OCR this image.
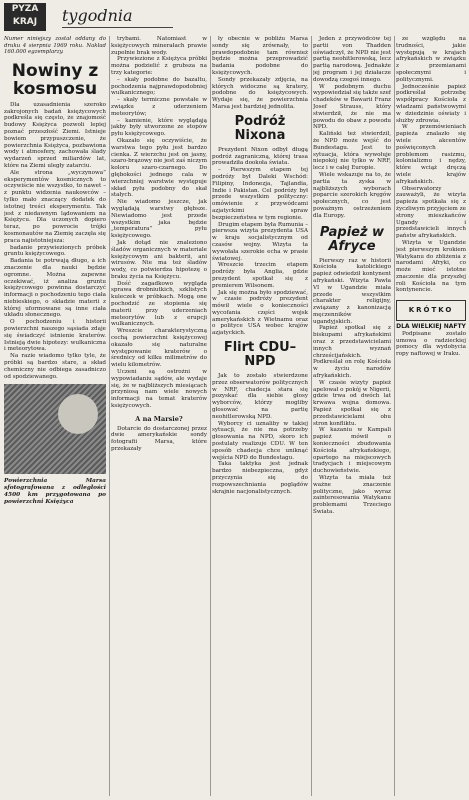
PYZA
KRAJ	tygodnia

Numer niniejszy został oddany do druku 4 sierpnia 1969 roku. Nakład 160.000 egzemplarzy.

Nowiny z kosmosu

Dla uzasadnienia szeroko zakrojonych badań księżycowych podkreśla się często, że znajomość budowy Księżyca pozwoli lepiej poznać przeszłość Ziemi. Istnieje bowiem przypuszczenie, że powierzchnia Księżyca, pozbawiona wody i atmosfery, zachowała ślady wydarzeń sprzed miliardów lat, które na Ziemi uległy zatarciu.

Ale strona „wyczynowa” eksperymentów kosmicznych to oczywiście nie wszystko, to nawet – z punktu widzenia naukowców – tylko mało znaczący dodatek do istotnej treści eksperymentu. Tak jest z niedawnym lądowaniem na Księżycu. Dla uczonych dopiero teraz, po powrocie trójki kosmonautów na Ziemię zaczęła się praca najistotniejsza:

badanie przywiezionych próbek gruntu księżycowego.

Badania te potrwają długo, a ich znaczenie dla nauki będzie ogromne. Można zapewne oczekiwać, iż analiza gruntu księżycowego powinna dostarczyć informacji o pochodzeniu tego ciała niebieskiego, o składzie materii z której uformowane są inne ciała układu słonecznego.

O pochodzeniu i historii powierzchni naszego sąsiada zdaje się świadczyć istnienie kraterów. Istnieją dwie hipotezy: wulkaniczna i meteorytowa.

Na razie wiadomo tylko tyle, że próbki są bardzo stare, a skład chemiczny nie odbiega zasadniczo od spodziewanego.

Powierzchnia Marsa sfotografowana z odległości 4500 km przygotowana po powierzchni Księżyca

trybami. Natomiast w księżycowych minerałach prawie zupełnie brak wody.

Przywiezione z Księżyca próbki można podzielić z grubsza na trzy kategorie:

– skały podobne do bazaltu, pochodzenia najprawdopodobniej wulkanicznego;

– skały termiczne powstałe w związku z uderzeniem meteorytów;

– kamienie, które wyglądają jakby były utworzone ze stopów pyłu księżycowego.

Okazało się oczywiście, że warstwa tego pyłu jest bardzo cienka. Z wierzchu jest on jasny, szaro-brązowy nie jest zaś niczym koloru szaro-czarnego. Do głębokości jednego cala w wierzchniej warstwie występuje skład pyłu podobny do skał stałych.

Nie wiadomo jeszcze, jak wyglądają warstwy głębsze. Niewiadomo jest przede wszystkim jaka będzie „temperatura” pyłu księżycowego.

Jak dotąd nie znaleziono śladów organicznych w materiale księżycowym ani bakterii, ani wirusów. Nie ma też śladów wody, co potwierdza hipotezę o braku życia na Księżycu.

Dość zagadkowo wygląda sprawa drobniutkich, szklistych kuleczek w próbkach. Mogą one pochodzić ze stopienia się materii przy uderzeniach meteorytów lub z erupcji wulkanicznych.

Wreszcie charakterystyczną cechą powierzchni księżycowej okazało się naturalne występowanie kraterów o średnicy od kilku milimetrów do wielu kilometrów.

Uczeni są ostrożni w wypowiadaniu sądów, ale wydaje się, że w najbliższych miesiącach przyniosą nam wiele nowych informacji na temat kraterów księżycowych.

A na Marsie?

Dotarcie do dostarczonej przez dwie amerykańskie sondy fotografii Marsa, które przekazały

ły obecnie w pobliżu Marsa sondy się zrównały, to prawdopodobnie tam również będzie można przeprowadzić badania podobne do księżycowych.

Sondy przekazały zdjęcia, na których widoczne są kratery, podobne do księżycowych. Wydaje się, że powierzchnia Marsa jest bardziej jednolita.

Podróż Nixona

Prezydent Nixon odbył długą podróż zagraniczną, której trasa prowadziła dookoła świata.

– Pierwszym etapem tej podróży był Daleki Wschód: Filipiny, Indonezja, Tajlandia, Indie i Pakistan. Cel podróży był przede wszystkim polityczny: omówienie z przywódcami azjatyckimi spraw bezpieczeństwa w tym regionie.

Drugim etapem była Rumunia – pierwsza wizyta prezydenta USA w kraju socjalistycznym od czasów wojny. Wizyta ta wywołała szerokie echa w prasie światowej.

Wreszcie trzecim etapem podróży była Anglia, gdzie prezydent spotkał się z premierem Wilsonem.

Jak się można było spodziewać, w czasie podróży prezydent mówił wiele o konieczności wycofania części wojsk amerykańskich z Wietnamu oraz o polityce USA wobec krajów azjatyckich.

Flirt CDU–NPD

Jak to zostało stwierdzone przez obserwatorów politycznych w NRF, chadecja stara się pozyskać dla siebie głosy wyborców, którzy mogliby głosować na partię neohitlerowską NPD.

Wyborcy ci uznaliby w takiej sytuacji, że nie ma potrzeby głosowania na NPD, skoro ich postulaty realizuje CDU. W ten sposób chadecja chce uniknąć wejścia NPD do Bundestagu.

Taka taktyka jest jednak bardzo niebezpieczna, gdyż przyczynia się do rozpowszechniania poglądów skrajnie nacjonalistycznych.

Jeden z przywódców tej partii von Thadden oświadczył, że NPD nie jest partią neohitlerowską, lecz partią narodową. Jednakże jej program i jej działacze dowodzą czegoś innego.

W podobnym duchu wypowiedział się także szef chadeków w Bawarii Franz Josef Strauss, który stwierdził, że nie ma powodu do obaw z powodu NPD.

Kaliński też stwierdził, że NPD może wejść do Bundestagu. Jest to sytuacja, która wywołuje niepokój nie tylko w NRF, lecz i w całej Europie.

Wiele wskazuje na to, że partia ta zyska w najbliższych wyborach poparcie szerokich kręgów społecznych, co jest poważnym ostrzeżeniem dla Europy.

Papież w Afryce

Pierwszy raz w historii Kościoła katolickiego papież odwiedził kontynent afrykański. Wizyta Pawła VI w Ugandzie miała przede wszystkim charakter religijny, związany z kanonizacją męczenników ugandyjskich.

Papież spotkał się z biskupami afrykańskimi oraz z przedstawicielami innych wyznań chrześcijańskich. Podkreślał on rolę Kościoła w życiu narodów afrykańskich.

W czasie wizyty papież apelował o pokój w Nigerii, gdzie trwa od dwóch lat krwawa wojna domowa. Papież spotkał się z przedstawicielami obu stron konfliktu.

W kazaniu w Kampali papież mówił o konieczności zbudowania Kościoła afrykańskiego, opartego na miejscowych tradycjach i miejscowym duchowieństwie.

Wizyta ta miała też ważne znaczenie polityczne, jako wyraz zainteresowania Watykanu problemami Trzeciego Świata.

ze względu na trudności, jakie występują w krajach afrykańskich w związku z przemianami społecznymi i politycznymi.

Jednocześnie papież podkreślał potrzebę współpracy Kościoła z władzami państwowymi w dziedzinie oświaty i służby zdrowia.

W przemówieniach papieża znalazło się wiele akcentów poświęconych problemom rasizmu, kolonializmu i nędzy, które wciąż dręczą wiele krajów afrykańskich.

Obserwatorzy zauważyli, że wizyta papieża spotkała się z życzliwym przyjęciem ze strony mieszkańców Ugandy i przedstawicieli innych państw afrykańskich.

Wizyta w Ugandzie jest pierwszym krokiem Watykanu do zbliżenia z narodami Afryki, co może mieć istotne znaczenie dla przyszłej roli Kościoła na tym kontynencie.

KRÓTKO

DLA WIELKIEJ NAFTY

Podpisane zostało umowa o radzieckiej pomocy dla wydobycia ropy naftowej w Iraku.
